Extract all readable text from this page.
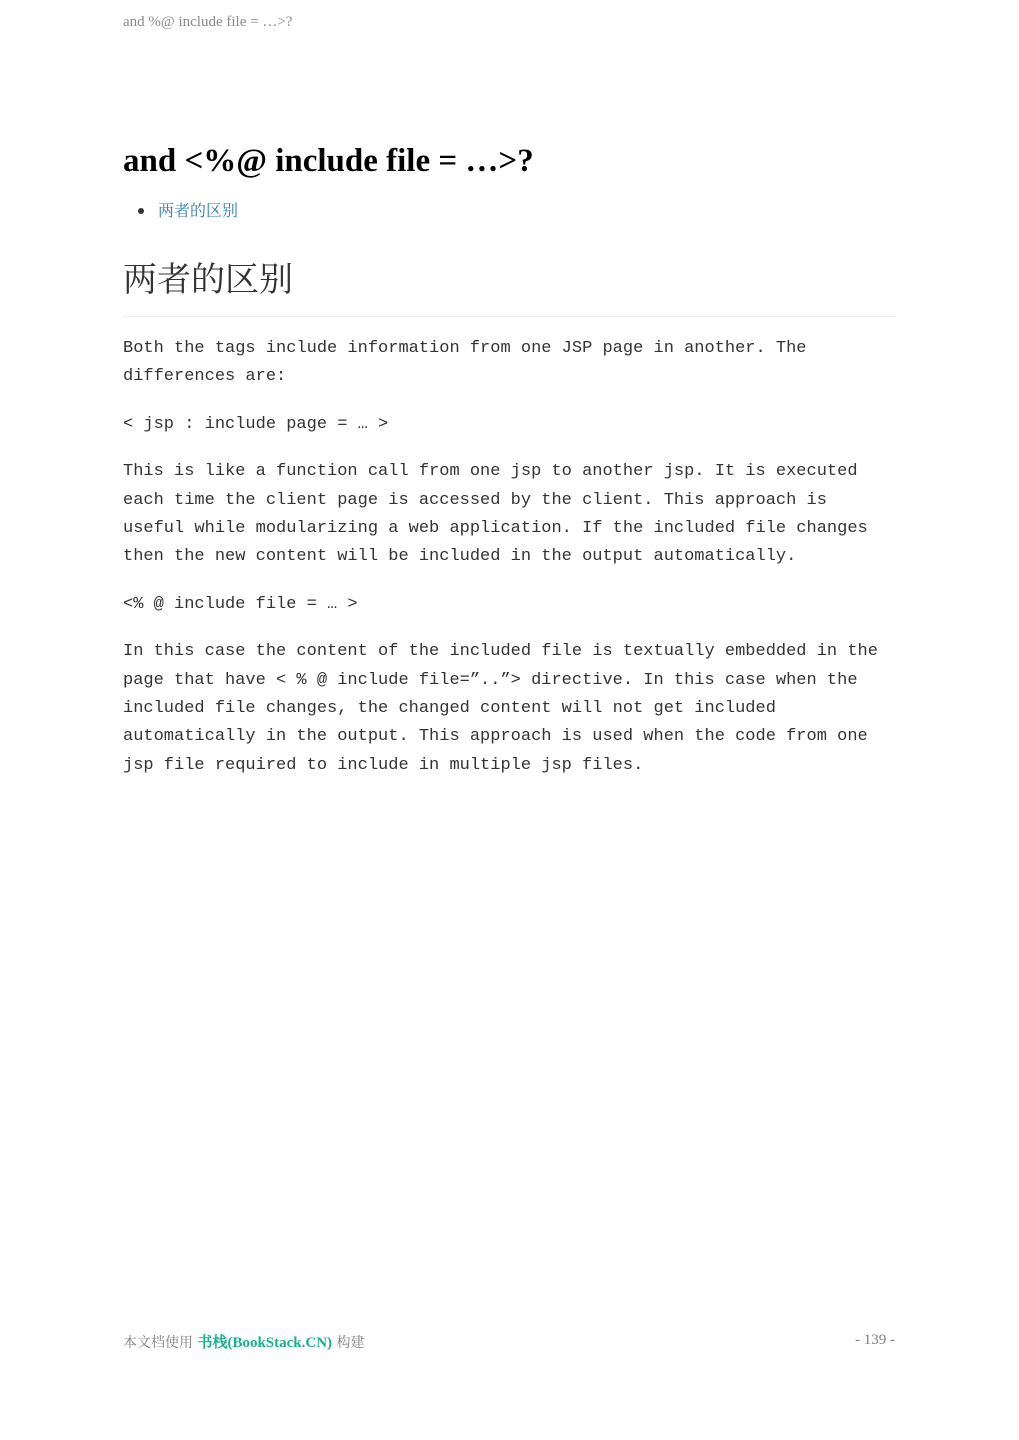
and %@ include file = …>?
and <%@ include file = …>?
两者的区别
两者的区别

Both the tags include information from one JSP page in another. The differences are:

< jsp : include page = … >

This is like a function call from one jsp to another jsp. It is executed each time the client page is accessed by the client. This approach is useful while modularizing a web application. If the included file changes then the new content will be included in the output automatically.

<% @ include file = … >

In this case the content of the included file is textually embedded in the page that have < % @ include file=”..”> directive. In this case when the included file changes, the changed content will not get included automatically in the output. This approach is used when the code from one jsp file required to include in multiple jsp files.

本文档使用 书栈(BookStack.CN) 构建	- 139 -
